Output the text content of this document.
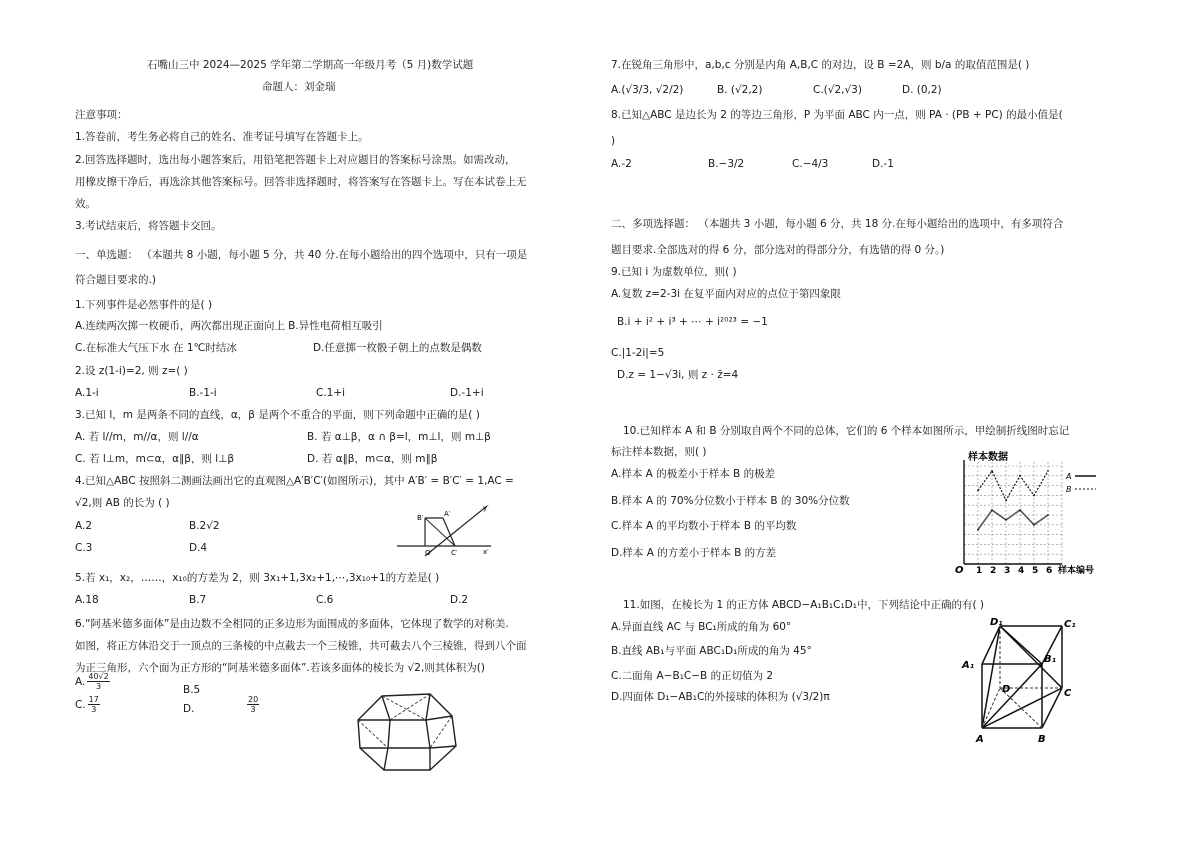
石嘴山三中 2024—2025 学年第二学期高一年级月考（5 月)数学试题
命题人：刘金瑞
注意事项：
1.答卷前，考生务必将自己的姓名、准考证号填写在答题卡上。
2.回答选择题时，选出每小题答案后，用铅笔把答题卡上对应题目的答案标号涂黑。如需改动，
用橡皮擦干净后，再选涂其他答案标号。回答非选择题时，将答案写在答题卡上。写在本试卷上无
效。
3.考试结束后，将答题卡交回。
一、单选题： （本题共 8 小题，每小题 5 分，共 40 分.在每小题给出的四个选项中，只有一项是
符合题目要求的.)
1.下列事件是必然事件的是( )
A.连续两次掷一枚硬币，两次都出现正面向上 B.异性电荷相互吸引
C.在标准大气压下水 在 1℃时结冰	D.任意掷一枚骰子朝上的点数是偶数
2.设 z(1-i)=2, 则 z=( )
A.1-i	B.-1-i	C.1+i	D.-1+i
3.已知 l，m 是两条不同的直线，α，β 是两个不重合的平面，则下列命题中正确的是( )
A. 若 l//m，m//α，则 l//α	B. 若 α⊥β，α ∩ β=l，m⊥l，则 m⊥β
C. 若 l⊥m，m⊂α，α∥β，则 l⊥β	D. 若 α∥β，m⊂α，则 m∥β
4.已知△ABC 按照斜二测画法画出它的直观图△A′B′C′(如图所示)，其中 A′B′ = B′C′ = 1,AC =
√2,则 AB 的长为 ( )
A.2	B.2√2
C.3	D.4
5.若 x₁，x₂，……，x₁₀的方差为 2，则 3x₁+1,3x₂+1,⋯,3x₁₀+1的方差是( )
A.18	B.7	C.6	D.2
6.“阿基米德多面体”是由边数不全相同的正多边形为面围成的多面体，它体现了数学的对称美.
如图，将正方体沿交于一顶点的三条棱的中点截去一个三棱锥，共可截去八个三棱锥，得到八个面
为正三角形，六个面为正方形的“阿基米德多面体”.若该多面体的棱长为 √2,则其体积为()
B.5
D.
A. $\frac{40√2}{3}$
C. $\frac{17}{3}$	$\frac{20}{3}$
7.在锐角三角形中，a,b,c 分别是内角 A,B,C 的对边，设 B =2A，则 b/a 的取值范围是( )
A.(√3/3, √2/2)	B. (√2,2)	C.(√2,√3)	D. (0,2)
8.已知△ABC 是边长为 2 的等边三角形，P 为平面 ABC 内一点，则 PA · (PB + PC) 的最小值是(
)
A.-2	B.−3/2	C.−4/3	D.-1
二、多项选择题： （本题共 3 小题，每小题 6 分，共 18 分.在每小题给出的选项中，有多项符合
题目要求.全部选对的得 6 分，部分选对的得部分分，有选错的得 0 分。)
9.已知 i 为虚数单位，则( )
A.复数 z=2-3i 在复平面内对应的点位于第四象限
B.i + i² + i³ + ⋯ + i²⁰²³ = −1
C.|1-2i|=5
D.z = 1−√3i, 则 z · z̄=4
10.已知样本 A 和 B 分别取自两个不同的总体，它们的 6 个样本如图所示，甲绘制折线图时忘记
标注样本数据，则( )
A.样本 A 的极差小于样本 B 的极差
B.样本 A 的 70%分位数小于样本 B 的 30%分位数
C.样本 A 的平均数小于样本 B 的平均数
D.样本 A 的方差小于样本 B 的方差
11.如图，在棱长为 1 的正方体 ABCD−A₁B₁C₁D₁中，下列结论中正确的有( )
A.异面直线 AC 与 BC₁所成的角为 60°
B.直线 AB₁与平面 ABC₁D₁所成的角为 45°
C.二面角 A−B₁C−B 的正切值为 2
D.四面体 D₁−AB₁C的外接球的体积为 (√3/2)π
y′
x′
B′	A′
C′
O′
样本数据
O 1 2 3 4 5 6 样本编号
A
B
D₁	C₁
A₁
B₁
D	C
A	B
